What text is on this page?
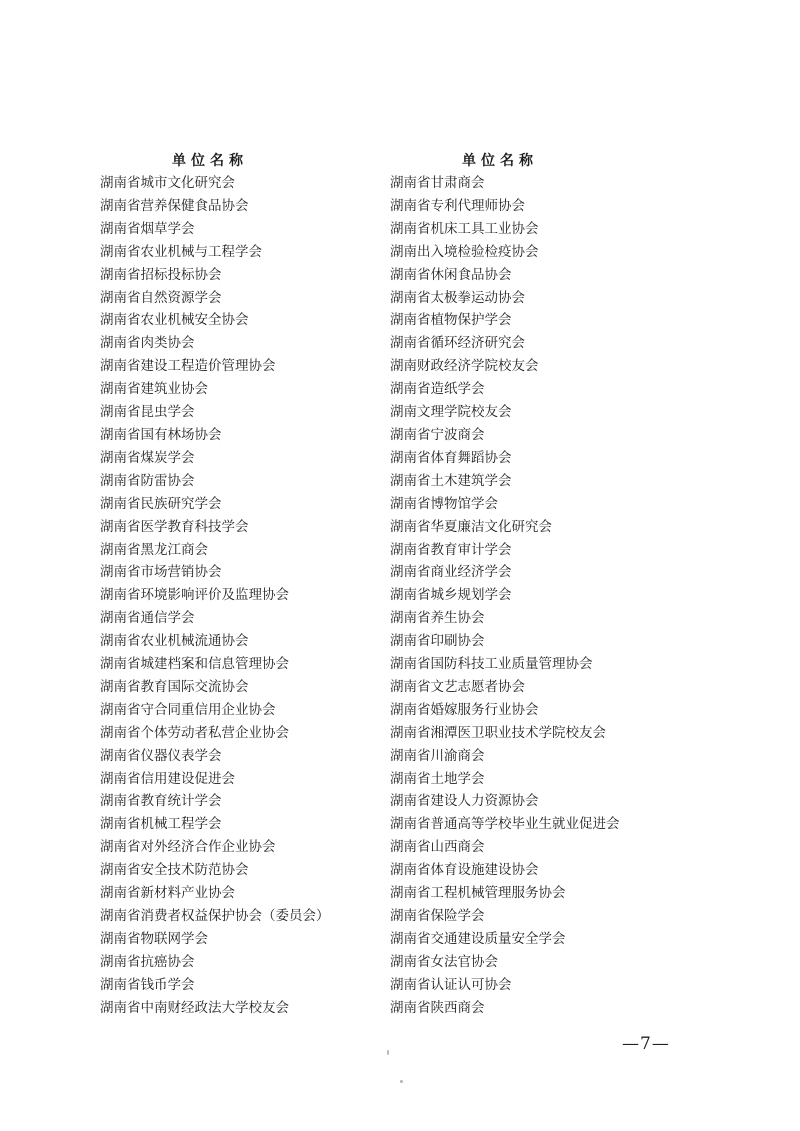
单位名称
湖南省城市文化研究会
湖南省营养保健食品协会
湖南省烟草学会
湖南省农业机械与工程学会
湖南省招标投标协会
湖南省自然资源学会
湖南省农业机械安全协会
湖南省肉类协会
湖南省建设工程造价管理协会
湖南省建筑业协会
湖南省昆虫学会
湖南省国有林场协会
湖南省煤炭学会
湖南省防雷协会
湖南省民族研究学会
湖南省医学教育科技学会
湖南省黑龙江商会
湖南省市场营销协会
湖南省环境影响评价及监理协会
湖南省通信学会
湖南省农业机械流通协会
湖南省城建档案和信息管理协会
湖南省教育国际交流协会
湖南省守合同重信用企业协会
湖南省个体劳动者私营企业协会
湖南省仪器仪表学会
湖南省信用建设促进会
湖南省教育统计学会
湖南省机械工程学会
湖南省对外经济合作企业协会
湖南省安全技术防范协会
湖南省新材料产业协会
湖南省消费者权益保护协会（委员会）
湖南省物联网学会
湖南省抗癌协会
湖南省钱币学会
湖南省中南财经政法大学校友会
单位名称
湖南省甘肃商会
湖南省专利代理师协会
湖南省机床工具工业协会
湖南出入境检验检疫协会
湖南省休闲食品协会
湖南省太极拳运动协会
湖南省植物保护学会
湖南省循环经济研究会
湖南财政经济学院校友会
湖南省造纸学会
湖南文理学院校友会
湖南省宁波商会
湖南省体育舞蹈协会
湖南省土木建筑学会
湖南省博物馆学会
湖南省华夏廉洁文化研究会
湖南省教育审计学会
湖南省商业经济学会
湖南省城乡规划学会
湖南省养生协会
湖南省印刷协会
湖南省国防科技工业质量管理协会
湖南省文艺志愿者协会
湖南省婚嫁服务行业协会
湖南省湘潭医卫职业技术学院校友会
湖南省川渝商会
湖南省土地学会
湖南省建设人力资源协会
湖南省普通高等学校毕业生就业促进会
湖南省山西商会
湖南省体育设施建设协会
湖南省工程机械管理服务协会
湖南省保险学会
湖南省交通建设质量安全学会
湖南省女法官协会
湖南省认证认可协会
湖南省陕西商会
—7—
